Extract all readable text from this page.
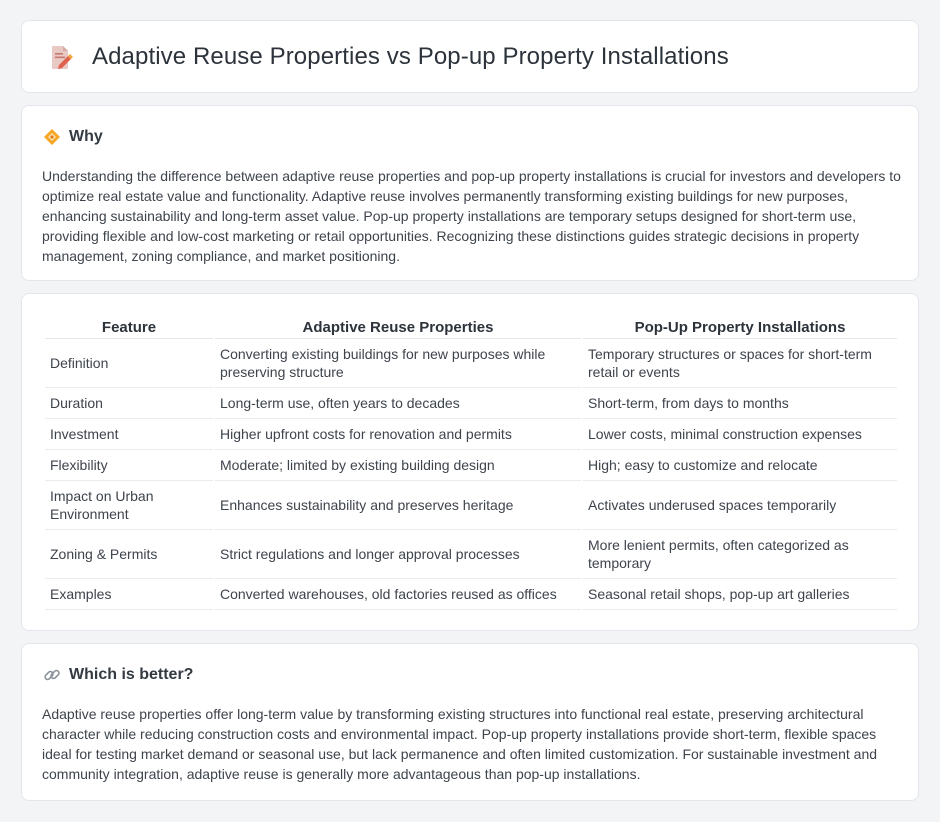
Adaptive Reuse Properties vs Pop-up Property Installations
Why

Understanding the difference between adaptive reuse properties and pop-up property installations is crucial for investors and developers to optimize real estate value and functionality. Adaptive reuse involves permanently transforming existing buildings for new purposes, enhancing sustainability and long-term asset value. Pop-up property installations are temporary setups designed for short-term use, providing flexible and low-cost marketing or retail opportunities. Recognizing these distinctions guides strategic decisions in property management, zoning compliance, and market positioning.

Feature	Adaptive Reuse Properties	Pop-Up Property Installations
Definition	Converting existing buildings for new purposes while preserving structure	Temporary structures or spaces for short-term retail or events
Duration	Long-term use, often years to decades	Short-term, from days to months
Investment	Higher upfront costs for renovation and permits	Lower costs, minimal construction expenses
Flexibility	Moderate; limited by existing building design	High; easy to customize and relocate
Impact on Urban Environment	Enhances sustainability and preserves heritage	Activates underused spaces temporarily
Zoning & Permits	Strict regulations and longer approval processes	More lenient permits, often categorized as temporary
Examples	Converted warehouses, old factories reused as offices	Seasonal retail shops, pop-up art galleries
Which is better?

Adaptive reuse properties offer long-term value by transforming existing structures into functional real estate, preserving architectural character while reducing construction costs and environmental impact. Pop-up property installations provide short-term, flexible spaces ideal for testing market demand or seasonal use, but lack permanence and often limited customization. For sustainable investment and community integration, adaptive reuse is generally more advantageous than pop-up installations.
